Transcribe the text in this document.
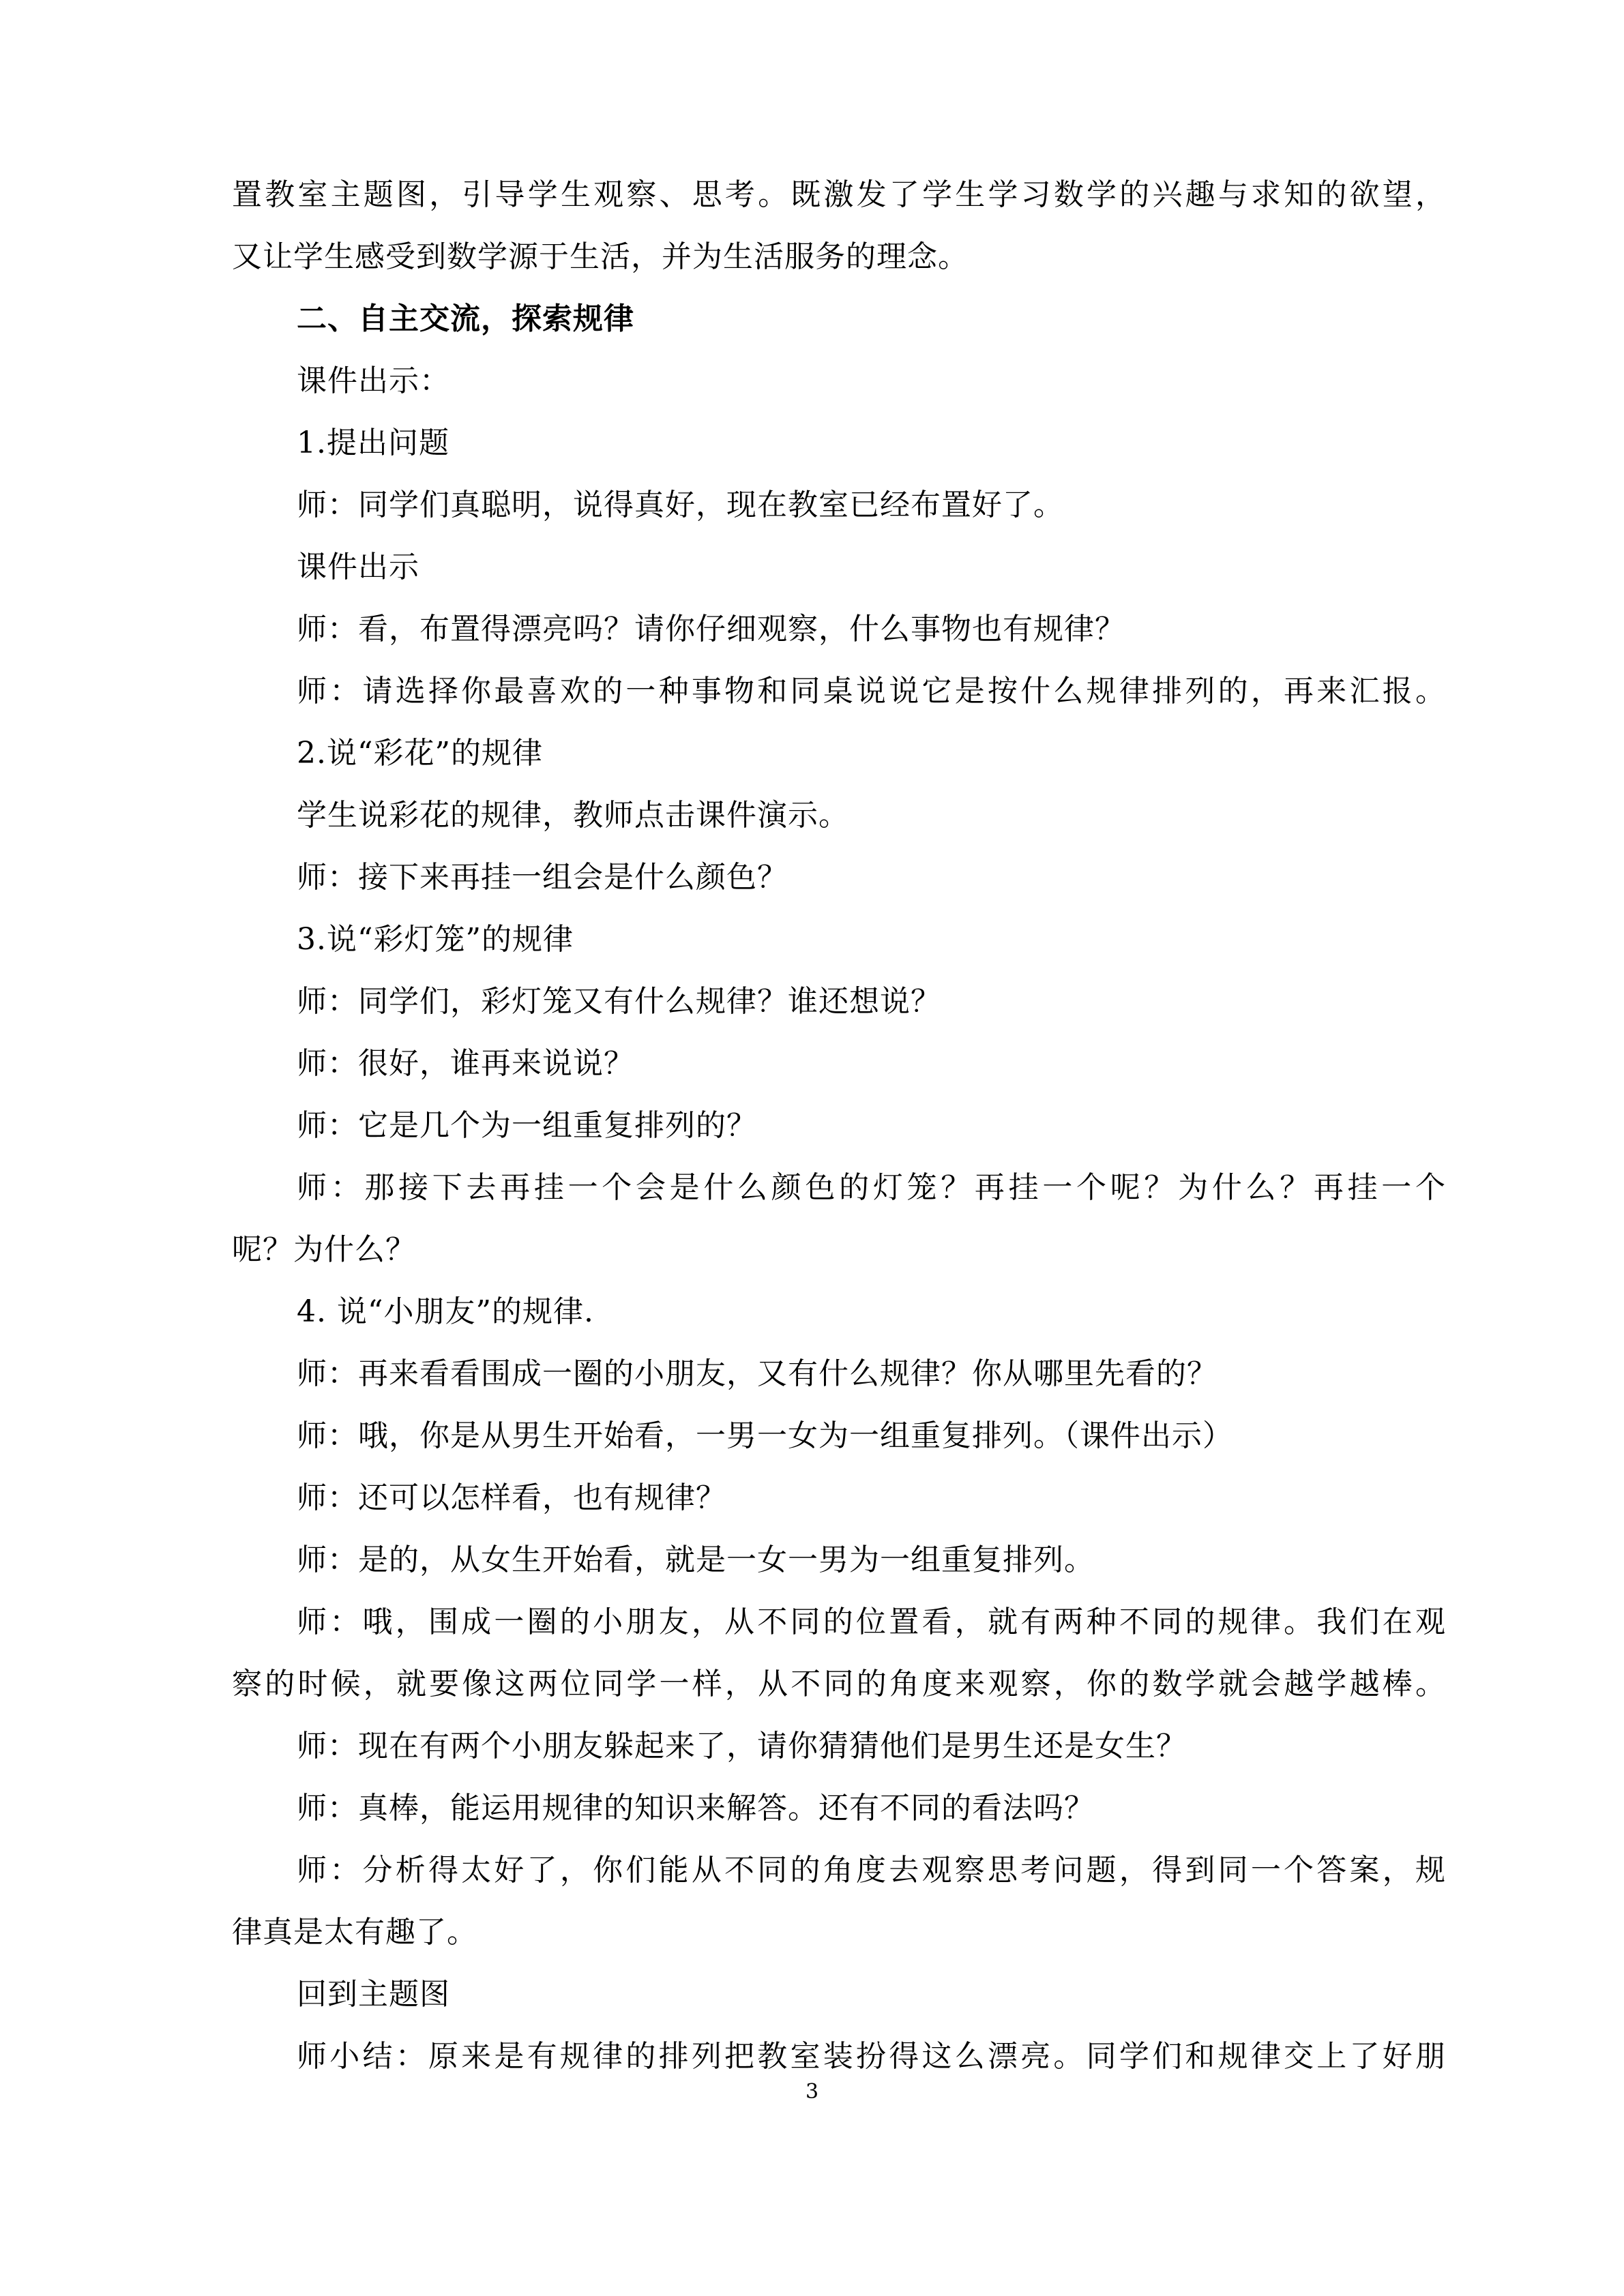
置教室主题图，引导学生观察、思考。既激发了学生学习数学的兴趣与求知的欲望，
又让学生感受到数学源于生活，并为生活服务的理念。
二、自主交流，探索规律
课件出示：
1.提出问题
师：同学们真聪明，说得真好，现在教室已经布置好了。
课件出示
师：看，布置得漂亮吗？请你仔细观察，什么事物也有规律？
师：请选择你最喜欢的一种事物和同桌说说它是按什么规律排列的，再来汇报。
2.说“彩花”的规律
学生说彩花的规律，教师点击课件演示。
师：接下来再挂一组会是什么颜色？
3.说“彩灯笼”的规律
师：同学们，彩灯笼又有什么规律？谁还想说？
师：很好，谁再来说说？
师：它是几个为一组重复排列的？
师：那接下去再挂一个会是什么颜色的灯笼？再挂一个呢？为什么？再挂一个
呢？为什么？
4. 说“小朋友”的规律.
师：再来看看围成一圈的小朋友，又有什么规律？你从哪里先看的？
师：哦，你是从男生开始看，一男一女为一组重复排列。（课件出示）
师：还可以怎样看，也有规律？
师：是的，从女生开始看，就是一女一男为一组重复排列。
师：哦，围成一圈的小朋友，从不同的位置看，就有两种不同的规律。我们在观
察的时候，就要像这两位同学一样，从不同的角度来观察，你的数学就会越学越棒。
师：现在有两个小朋友躲起来了，请你猜猜他们是男生还是女生？
师：真棒，能运用规律的知识来解答。还有不同的看法吗？
师：分析得太好了，你们能从不同的角度去观察思考问题，得到同一个答案，规
律真是太有趣了。
回到主题图
师小结：原来是有规律的排列把教室装扮得这么漂亮。同学们和规律交上了好朋
3
